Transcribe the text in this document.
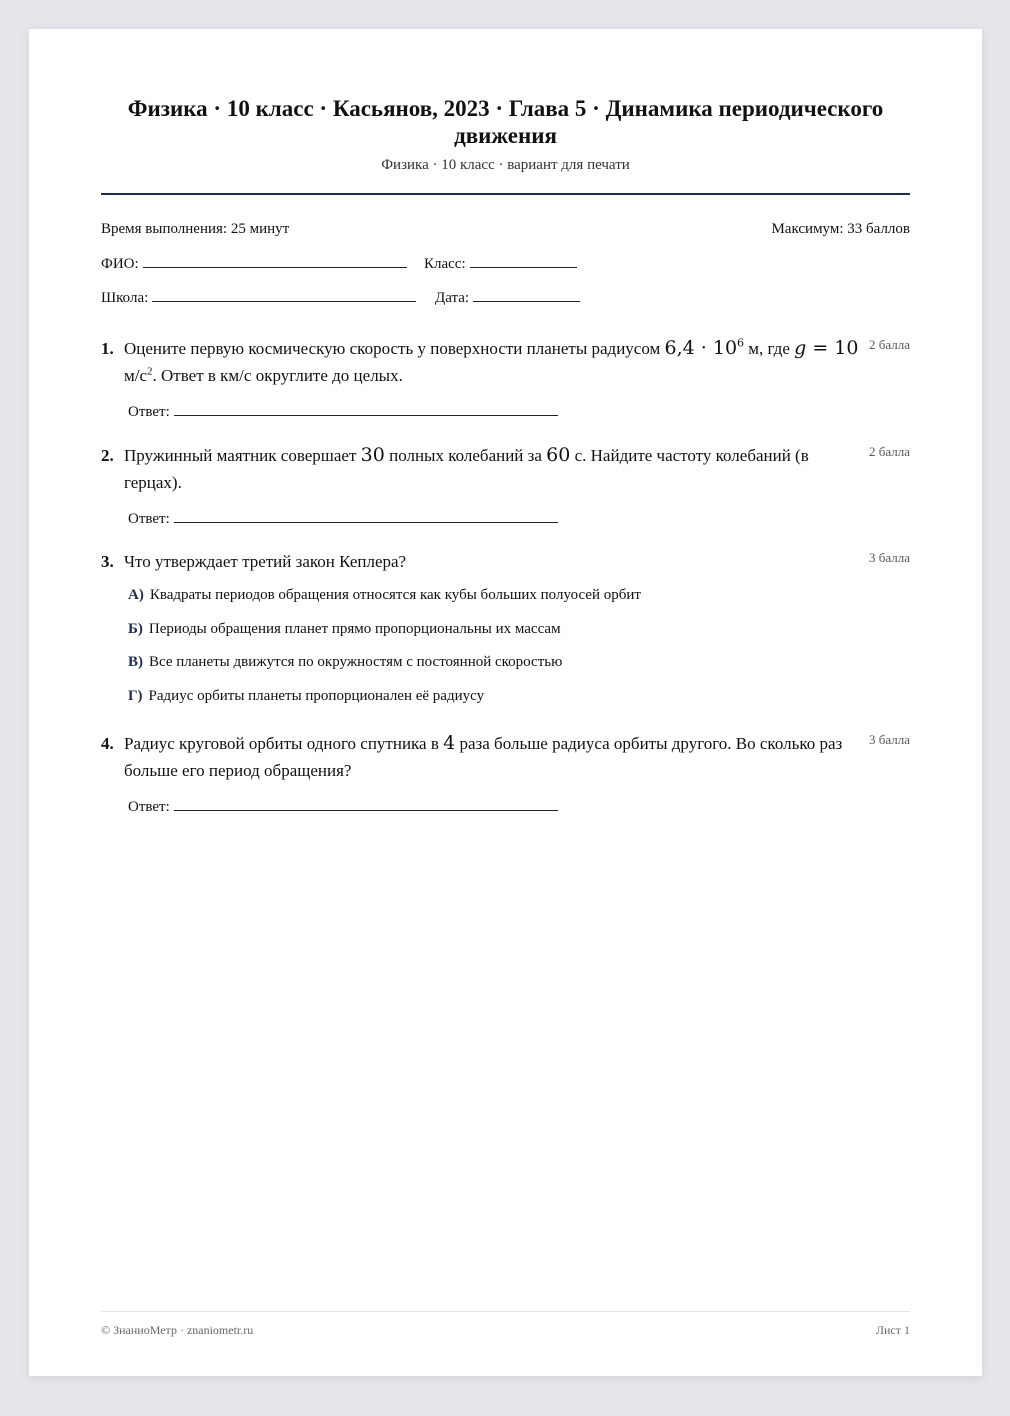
Физика · 10 класс · Касьянов, 2023 · Глава 5 · Динамика периодического движения
Физика · 10 класс · вариант для печати
Время выполнения: 25 минут	Максимум: 33 баллов
ФИО:	Класс:
Школа:	Дата:
1. Оцените первую космическую скорость у поверхности планеты радиусом $6,4 \cdot 10^6$ м, где g = 10 $м/с^2$. Ответ в км/с округлите до целых.
2 балла
Ответ:
2. Пружинный маятник совершает 30 полных колебаний за 60 с. Найдите частоту колебаний (в герцах).
2 балла
Ответ:
3. Что утверждает третий закон Кеплера?	3 балла
А) Квадраты периодов обращения относятся как кубы больших полуосей орбит
Б) Периоды обращения планет прямо пропорциональны их массам
В) Все планеты движутся по окружностям с постоянной скоростью
Г) Радиус орбиты планеты пропорционален её радиусу
4. Радиус круговой орбиты одного спутника в 4 раза больше радиуса орбиты другого. Во сколько раз больше его период обращения?
3 балла
Ответ:
© ЗнаниоМетр · znaniometr.ru	Лист 1
